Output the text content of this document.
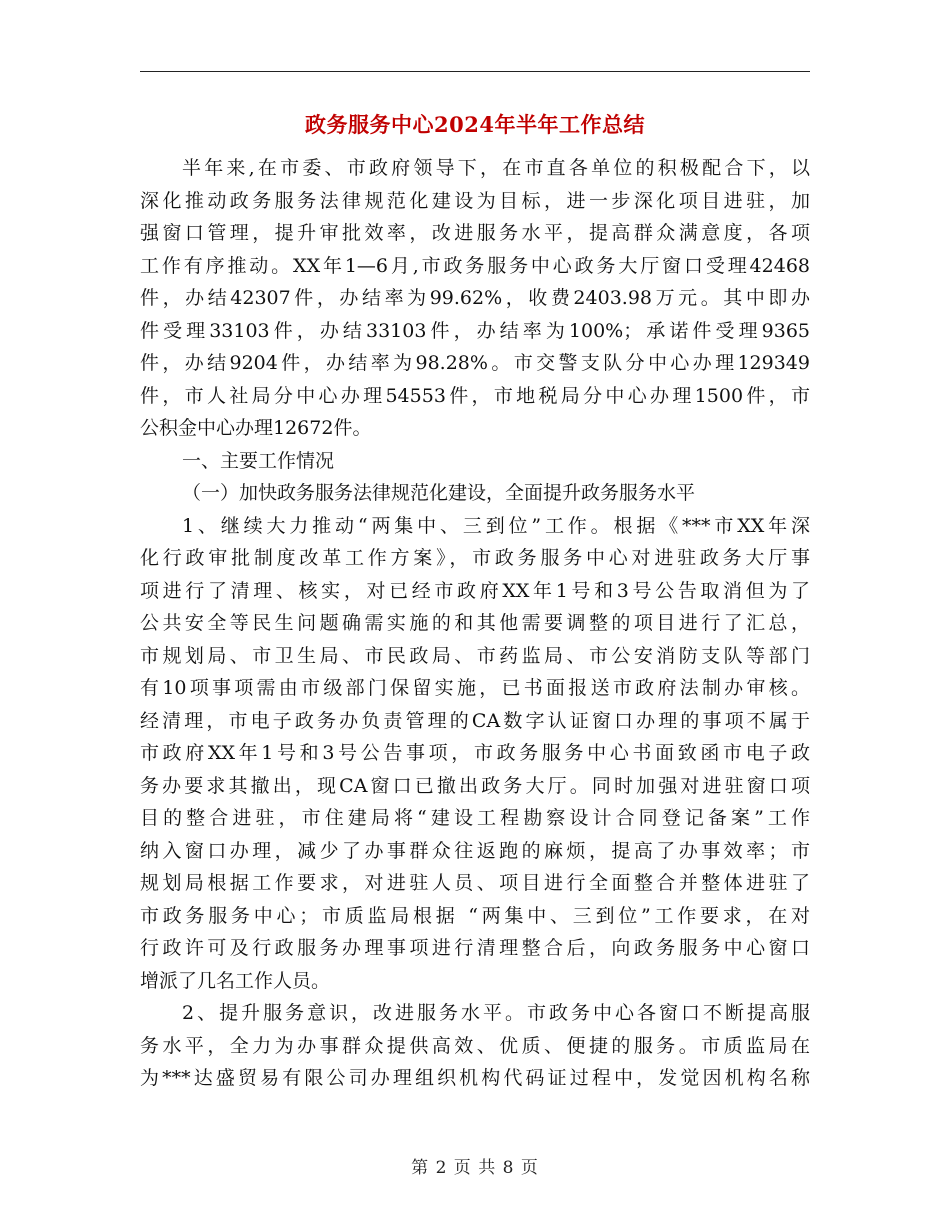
政务服务中心2024年半年工作总结
半年来,在市委、市政府领导下，在市直各单位的积极配合下，以
深化推动政务服务法律规范化建设为目标，进一步深化项目进驻，加
强窗口管理，提升审批效率，改进服务水平，提高群众满意度，各项
工作有序推动。XX年1—6月,市政务服务中心政务大厅窗口受理42468
件，办结42307件，办结率为99.62%，收费2403.98万元。其中即办
件受理33103件，办结33103件，办结率为100%；承诺件受理9365
件，办结9204件，办结率为98.28%。市交警支队分中心办理129349
件，市人社局分中心办理54553件，市地税局分中心办理1500件，市
公积金中心办理12672件。
一、主要工作情况
（一）加快政务服务法律规范化建设，全面提升政务服务水平
1、继续大力推动“两集中、三到位”工作。根据《***市XX年深
化行政审批制度改革工作方案》，市政务服务中心对进驻政务大厅事
项进行了清理、核实，对已经市政府XX年1号和3号公告取消但为了
公共安全等民生问题确需实施的和其他需要调整的项目进行了汇总，
市规划局、市卫生局、市民政局、市药监局、市公安消防支队等部门
有10项事项需由市级部门保留实施，已书面报送市政府法制办审核。
经清理，市电子政务办负责管理的CA数字认证窗口办理的事项不属于
市政府XX年1号和3号公告事项，市政务服务中心书面致函市电子政
务办要求其撤出，现CA窗口已撤出政务大厅。同时加强对进驻窗口项
目的整合进驻，市住建局将“建设工程勘察设计合同登记备案”工作
纳入窗口办理，减少了办事群众往返跑的麻烦，提高了办事效率；市
规划局根据工作要求，对进驻人员、项目进行全面整合并整体进驻了
市政务服务中心；市质监局根据 “两集中、三到位”工作要求，在对
行政许可及行政服务办理事项进行清理整合后，向政务服务中心窗口
增派了几名工作人员。
2、提升服务意识，改进服务水平。市政务中心各窗口不断提高服
务水平，全力为办事群众提供高效、优质、便捷的服务。市质监局在
为***达盛贸易有限公司办理组织机构代码证过程中，发觉因机构名称
第 2 页 共 8 页
